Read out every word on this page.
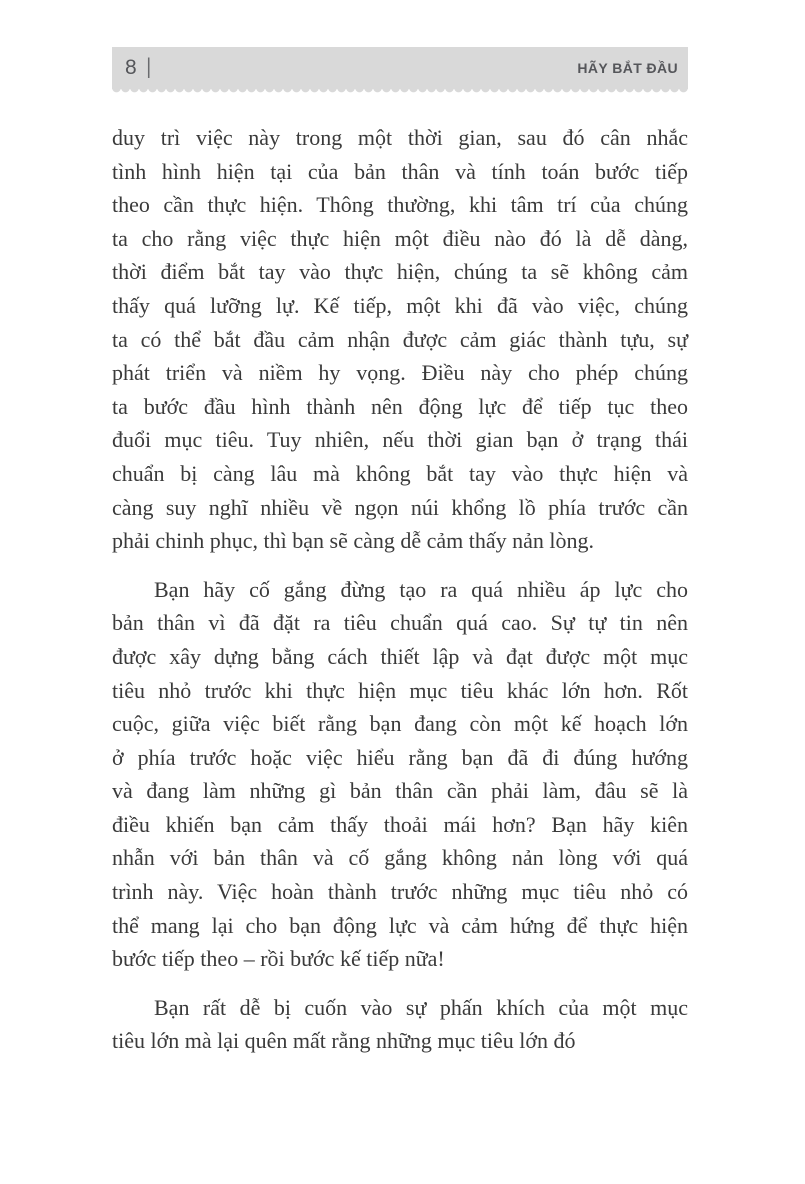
8 |	HÃY BẮT ĐẦU
duy trì việc này trong một thời gian, sau đó cân nhắc
tình hình hiện tại của bản thân và tính toán bước tiếp
theo cần thực hiện. Thông thường, khi tâm trí của chúng
ta cho rằng việc thực hiện một điều nào đó là dễ dàng,
thời điểm bắt tay vào thực hiện, chúng ta sẽ không cảm
thấy quá lưỡng lự. Kế tiếp, một khi đã vào việc, chúng
ta có thể bắt đầu cảm nhận được cảm giác thành tựu, sự
phát triển và niềm hy vọng. Điều này cho phép chúng
ta bước đầu hình thành nên động lực để tiếp tục theo
đuổi mục tiêu. Tuy nhiên, nếu thời gian bạn ở trạng thái
chuẩn bị càng lâu mà không bắt tay vào thực hiện và
càng suy nghĩ nhiều về ngọn núi khổng lồ phía trước cần
phải chinh phục, thì bạn sẽ càng dễ cảm thấy nản lòng.
Bạn hãy cố gắng đừng tạo ra quá nhiều áp lực cho
bản thân vì đã đặt ra tiêu chuẩn quá cao. Sự tự tin nên
được xây dựng bằng cách thiết lập và đạt được một mục
tiêu nhỏ trước khi thực hiện mục tiêu khác lớn hơn. Rốt
cuộc, giữa việc biết rằng bạn đang còn một kế hoạch lớn
ở phía trước hoặc việc hiểu rằng bạn đã đi đúng hướng
và đang làm những gì bản thân cần phải làm, đâu sẽ là
điều khiến bạn cảm thấy thoải mái hơn? Bạn hãy kiên
nhẫn với bản thân và cố gắng không nản lòng với quá
trình này. Việc hoàn thành trước những mục tiêu nhỏ có
thể mang lại cho bạn động lực và cảm hứng để thực hiện
bước tiếp theo – rồi bước kế tiếp nữa!
Bạn rất dễ bị cuốn vào sự phấn khích của một mục
tiêu lớn mà lại quên mất rằng những mục tiêu lớn đó
